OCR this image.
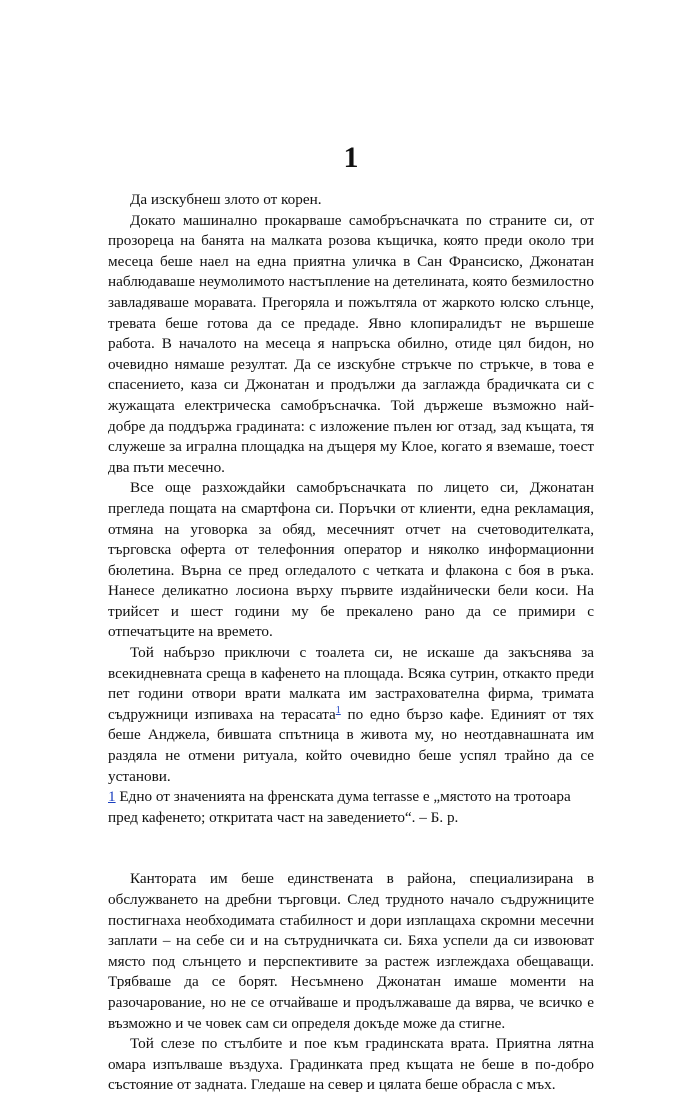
1

Да изскубнеш злото от корен.

Докато машинално прокарваше самобръсначката по страните си, от прозореца на банята на малката розова къщичка, която преди около три месеца беше наел на една приятна уличка в Сан Франсиско, Джонатан наблюдаваше неумолимото настъпление на детелината, която безмилостно завладяваше моравата. Прегоряла и пожълтяла от жаркото юлско слънце, тревата беше готова да се предаде. Явно клопиралидът не вършеше работа. В началото на месеца я напръска обилно, отиде цял бидон, но очевидно нямаше резултат. Да се изскубне стръкче по стръкче, в това е спасението, каза си Джонатан и продължи да заглажда брадичката си с жужащата електрическа самобръсначка. Той държеше възможно най-добре да поддържа градината: с изложение пълен юг отзад, зад къщата, тя служеше за игрална площадка на дъщеря му Клое, когато я вземаше, тоест два пъти месечно.

Все още разхождайки самобръсначката по лицето си, Джонатан прегледа пощата на смартфона си. Поръчки от клиенти, една рекламация, отмяна на уговорка за обяд, месечният отчет на счетоводителката, търговска оферта от телефонния оператор и няколко информационни бюлетина. Върна се пред огледалото с четката и флакона с боя в ръка. Нанесе деликатно лосиона върху първите издайнически бели коси. На трийсет и шест години му бе прекалено рано да се примири с отпечатъците на времето.

Той набързо приключи с тоалета си, не искаше да закъснява за всекидневната среща в кафенето на площада. Всяка сутрин, откакто преди пет години отвори врати малката им застрахователна фирма, тримата съдружници изпиваха на терасата$^1$ по едно бързо кафе. Единият от тях беше Анджела, бившата спътница в живота му, но неотдавнашната им раздяла не отмени ритуала, който очевидно беше успял трайно да се установи.

1 Едно от значенията на френската дума terrasse е „мястото на тротоара пред кафенето; откритата част на заведението“. – Б. р.

Кантората им беше единствената в района, специализирана в обслужването на дребни търговци. След трудното начало съдружниците постигнаха необходимата стабилност и дори изплащаха скромни месечни заплати – на себе си и на сътрудничката си. Бяха успели да си извоюват място под слънцето и перспективите за растеж изглеждаха обещаващи. Трябваше да се борят. Несъмнено Джонатан имаше моменти на разочарование, но не се отчайваше и продължаваше да вярва, че всичко е възможно и че човек сам си определя докъде може да стигне.

Той слезе по стълбите и пое към градинската врата. Приятна лятна омара изпълваше въздуха. Градинката пред къщата не беше в по-добро състояние от задната. Гледаше на север и цялата беше обрасла с мъх.
